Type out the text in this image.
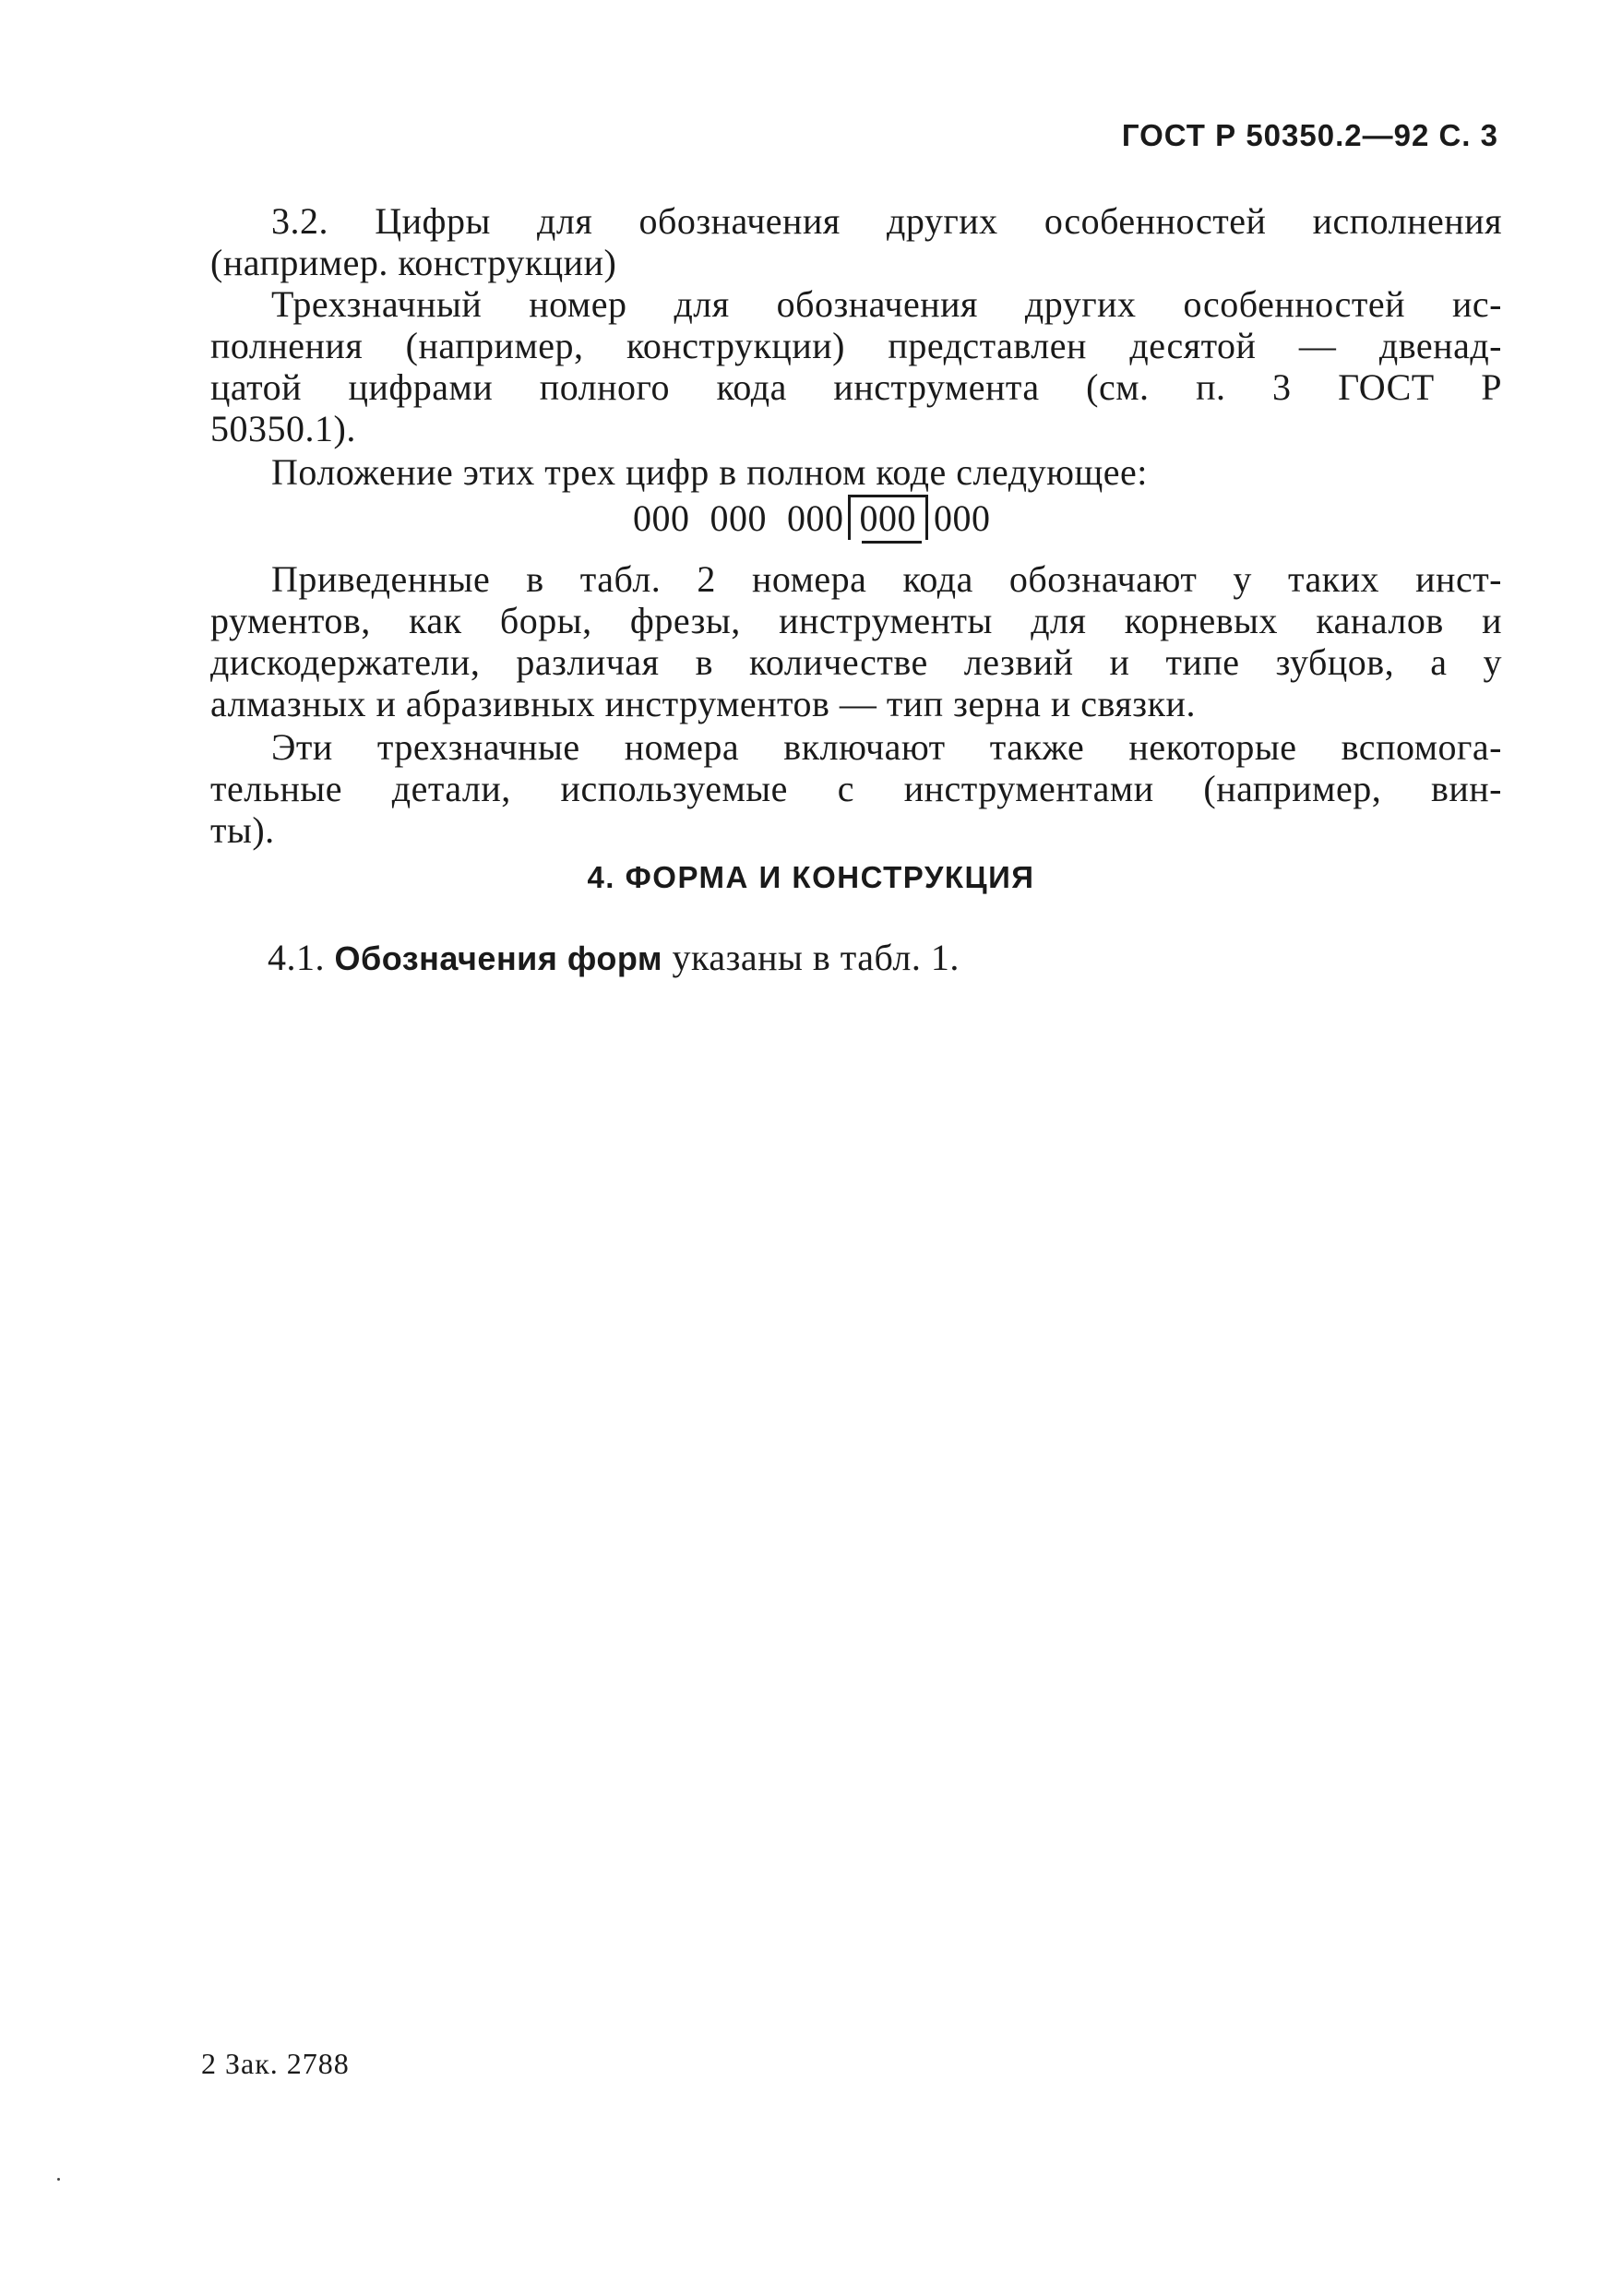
ГОСТ Р 50350.2—92 С. 3
3.2. Цифры для обозначения других особенностей исполнения
(например. конструкции)
Трехзначный номер для обозначения других особенностей ис-
полнения (например, конструкции) представлен десятой — двенад-
цатой цифрами полного кода инструмента (см. п. 3 ГОСТ Р
50350.1).
Положение этих трех цифр в полном коде следующее:
000 000 000 000 000
Приведенные в табл. 2 номера кода обозначают у таких инст-
рументов, как боры, фрезы, инструменты для корневых каналов и
дискодержатели, различая в количестве лезвий и типе зубцов, а у
алмазных и абразивных инструментов — тип зерна и связки.
Эти трехзначные номера включают также некоторые вспомога-
тельные детали, используемые с инструментами (например, вин-
ты).
4. ФОРМА И КОНСТРУКЦИЯ
4.1. Обозначения форм указаны в табл. 1.
2 Зак. 2788
